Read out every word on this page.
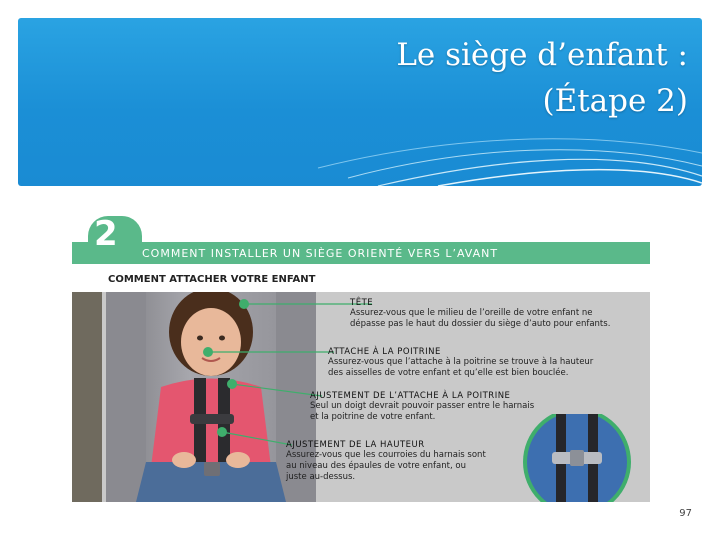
Le siège d’enfant :
(Étape 2)
2 COMMENT INSTALLER UN SIÈGE ORIENTÉ VERS L’AVANT
COMMENT ATTACHER VOTRE ENFANT
TÊTE
Assurez-vous que le milieu de l’oreille de votre enfant ne
dépasse pas le haut du dossier du siège d’auto pour enfants.
ATTACHE À LA POITRINE
Assurez-vous que l’attache à la poitrine se trouve à la hauteur
des aisselles de votre enfant et qu’elle est bien bouclée.
AJUSTEMENT DE L’ATTACHE À LA POITRINE
Seul un doigt devrait pouvoir passer entre le harnais
et la poitrine de votre enfant.
AJUSTEMENT DE LA HAUTEUR
Assurez-vous que les courroies du harnais sont
au niveau des épaules de votre enfant, ou
juste au-dessus.
97
